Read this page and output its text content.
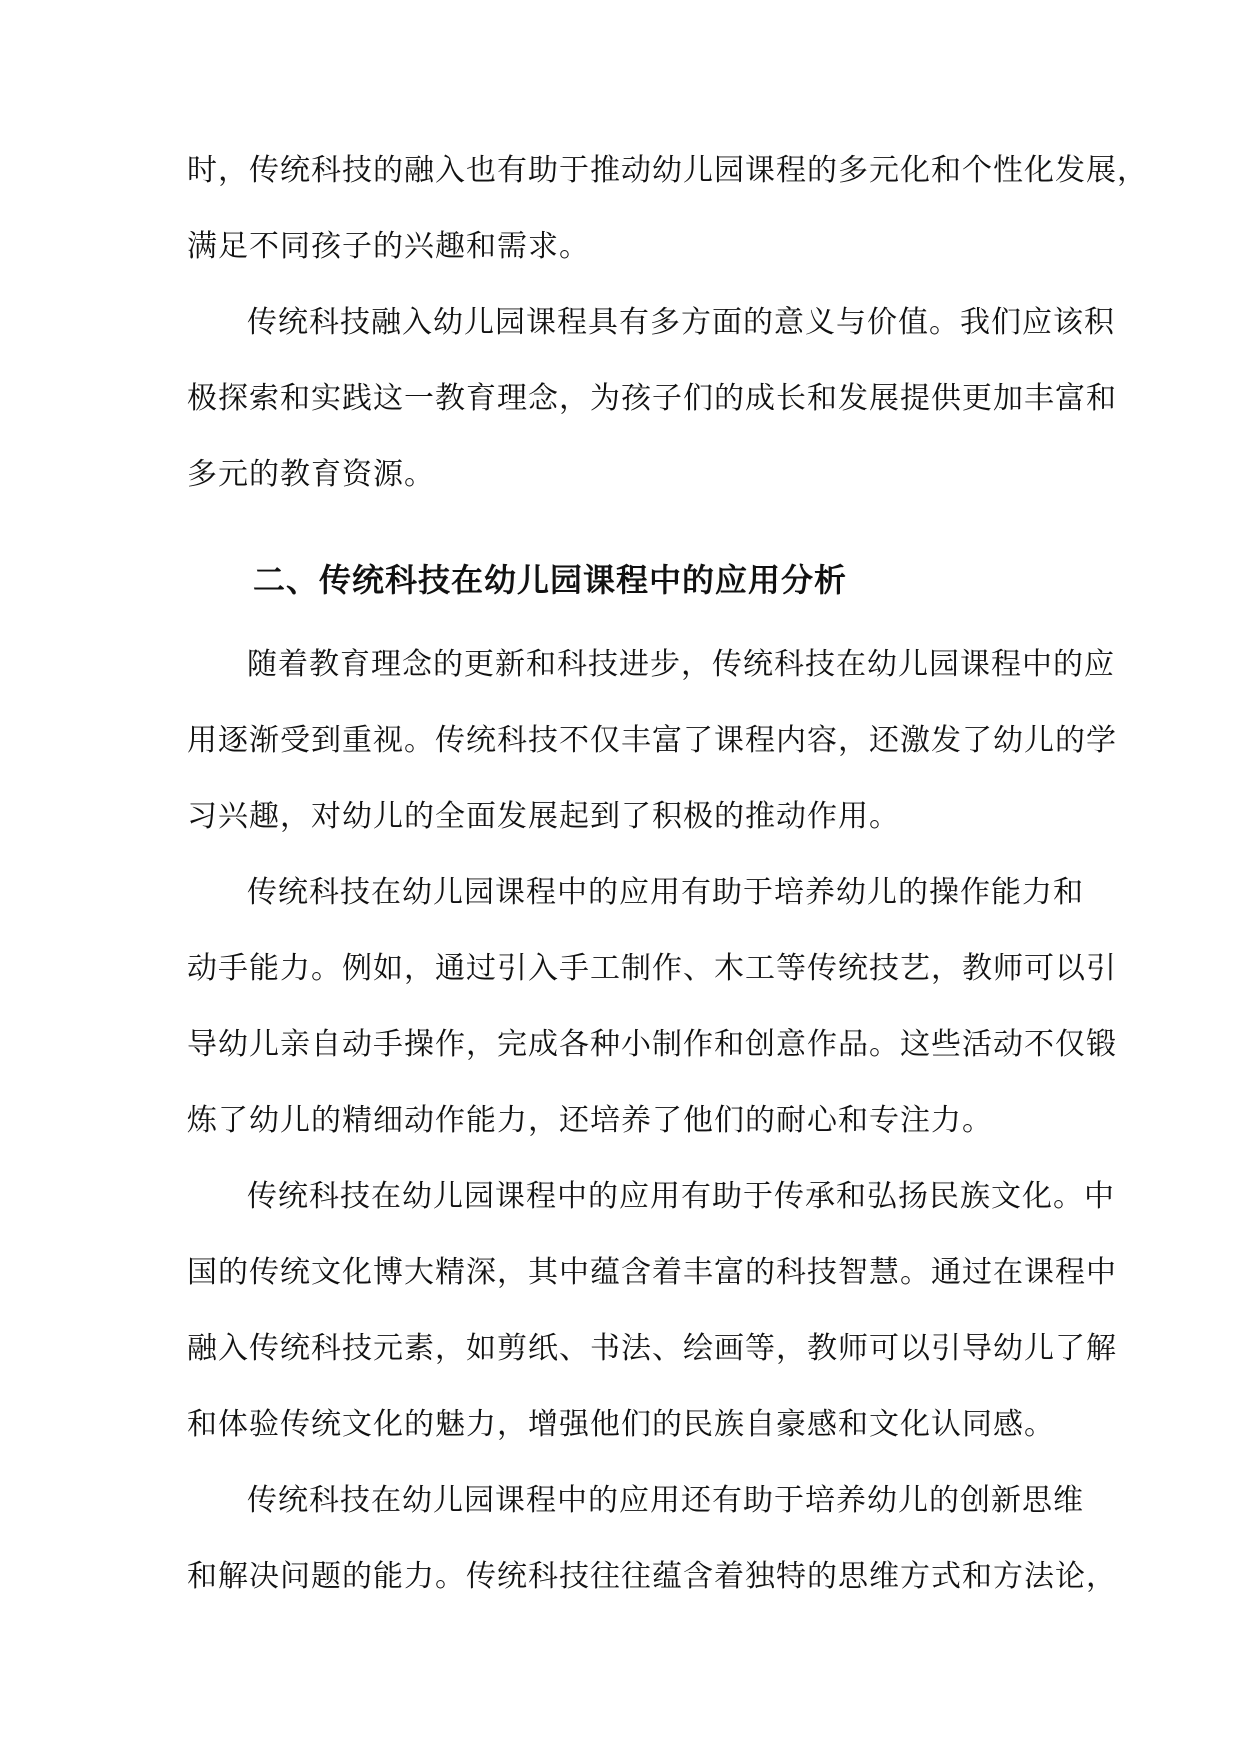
时，传统科技的融入也有助于推动幼儿园课程的多元化和个性化发展，

满足不同孩子的兴趣和需求。

传统科技融入幼儿园课程具有多方面的意义与价值。我们应该积

极探索和实践这一教育理念，为孩子们的成长和发展提供更加丰富和

多元的教育资源。

二、传统科技在幼儿园课程中的应用分析

随着教育理念的更新和科技进步，传统科技在幼儿园课程中的应

用逐渐受到重视。传统科技不仅丰富了课程内容，还激发了幼儿的学

习兴趣，对幼儿的全面发展起到了积极的推动作用。

传统科技在幼儿园课程中的应用有助于培养幼儿的操作能力和

动手能力。例如，通过引入手工制作、木工等传统技艺，教师可以引

导幼儿亲自动手操作，完成各种小制作和创意作品。这些活动不仅锻

炼了幼儿的精细动作能力，还培养了他们的耐心和专注力。

传统科技在幼儿园课程中的应用有助于传承和弘扬民族文化。中

国的传统文化博大精深，其中蕴含着丰富的科技智慧。通过在课程中

融入传统科技元素，如剪纸、书法、绘画等，教师可以引导幼儿了解

和体验传统文化的魅力，增强他们的民族自豪感和文化认同感。

传统科技在幼儿园课程中的应用还有助于培养幼儿的创新思维

和解决问题的能力。传统科技往往蕴含着独特的思维方式和方法论，
